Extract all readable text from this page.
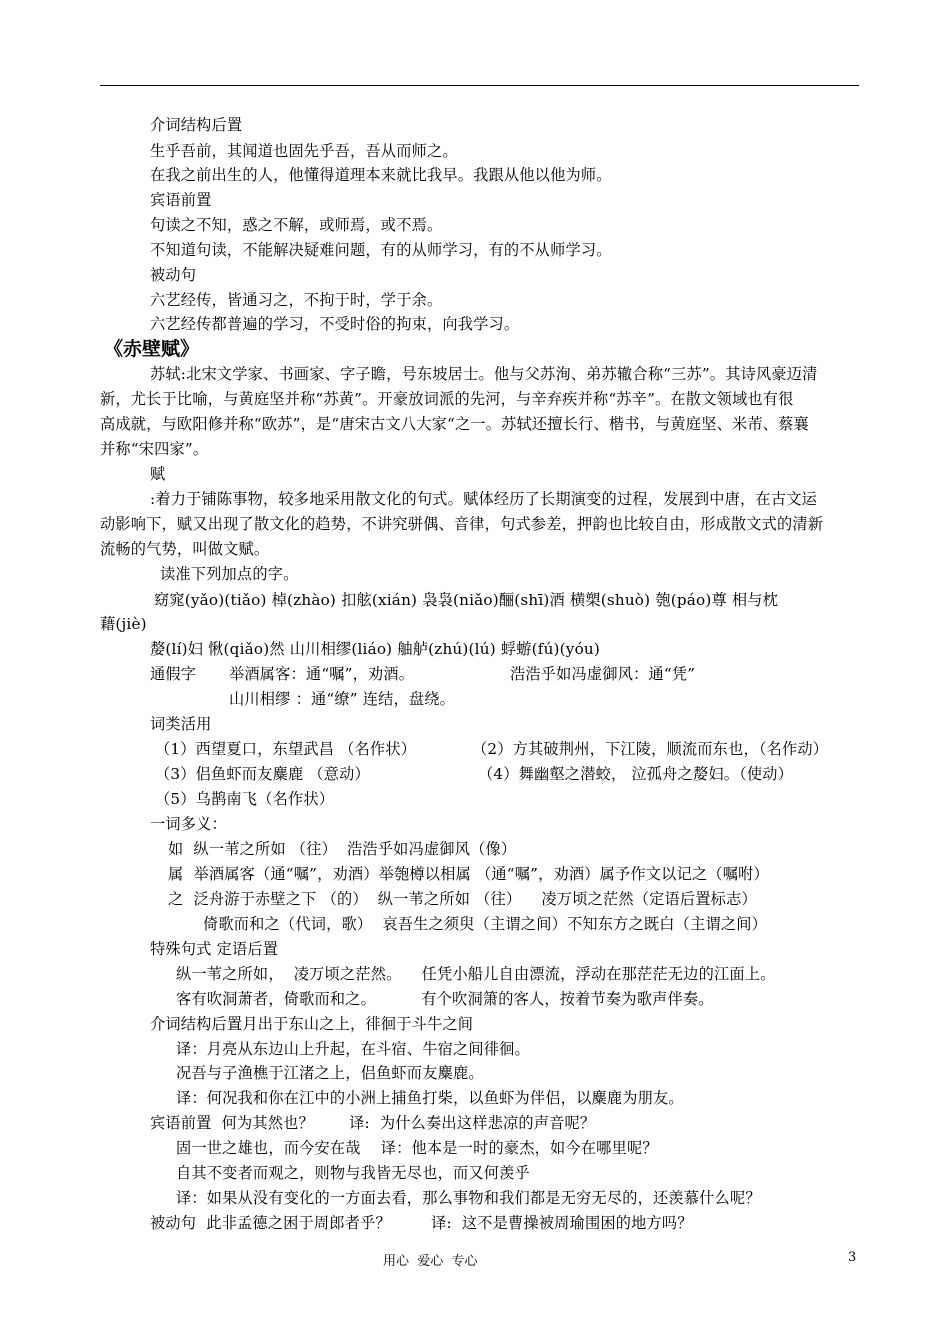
介词结构后置
生乎吾前，其闻道也固先乎吾，吾从而师之。
在我之前出生的人，他懂得道理本来就比我早。我跟从他以他为师。
宾语前置
句读之不知，惑之不解，或师焉，或不焉。
不知道句读，不能解决疑难问题，有的从师学习，有的不从师学习。
被动句
六艺经传，皆通习之，不拘于时，学于余。
六艺经传都普遍的学习，不受时俗的拘束，向我学习。
《赤壁赋》
苏轼:北宋文学家、书画家、字子瞻，号东坡居士。他与父苏洵、弟苏辙合称“三苏”。其诗风豪迈清
新，尤长于比喻，与黄庭坚并称“苏黄”。开豪放词派的先河，与辛弃疾并称“苏辛”。在散文领域也有很
高成就，与欧阳修并称“欧苏”，是“唐宋古文八大家“之一。苏轼还擅长行、楷书，与黄庭坚、米芾、蔡襄
并称“宋四家”。
赋
:着力于铺陈事物，较多地采用散文化的句式。赋体经历了长期演变的过程，发展到中唐，在古文运
动影响下，赋又出现了散文化的趋势，不讲究骈偶、音律，句式参差，押韵也比较自由，形成散文式的清新
流畅的气势，叫做文赋。
读准下列加点的字。
窈窕(yǎo)(tiǎo) 棹(zhào) 扣舷(xián) 袅袅(niǎo)酾(shī)酒 横槊(shuò) 匏(páo)尊 相与枕
藉(jiè)
嫠(lí)妇 愀(qiǎo)然 山川相缪(liáo) 舳舻(zhú)(lú) 蜉蝣(fú)(yóu)
通假字 举酒属客：通“嘱”，劝酒。	浩浩乎如冯虚御风：通“凭”
山川相缪 ：通“缭” 连结，盘绕。
词类活用
（1）西望夏口，东望武昌 （名作状）	（2）方其破荆州，下江陵，顺流而东也，（名作动）
（3）侣鱼虾而友麋鹿 （意动）	（4）舞幽壑之潜蛟， 泣孤舟之嫠妇。（使动）
（5）乌鹊南飞（名作状）
一词多义：
如  纵一苇之所如 （往）  浩浩乎如冯虚御风（像）
属  举酒属客（通“嘱”，劝酒）举匏樽以相属 （通“嘱”，劝酒）属予作文以记之（嘱咐）
之  泛舟游于赤壁之下 （的）  纵一苇之所如 （往）    凌万顷之茫然（定语后置标志）
倚歌而和之（代词，歌）  哀吾生之须臾（主谓之间）不知东方之既白（主谓之间）
特殊句式 定语后置
纵一苇之所如，  凌万顷之茫然。    任凭小船儿自由漂流，浮动在那茫茫无边的江面上。
客有吹洞萧者，倚歌而和之。         有个吹洞箫的客人，按着节奏为歌声伴奏。
介词结构后置月出于东山之上，徘徊于斗牛之间
译：月亮从东边山上升起，在斗宿、牛宿之间徘徊。
况吾与子渔樵于江渚之上，侣鱼虾而友麋鹿。
译：何况我和你在江中的小洲上捕鱼打柴，以鱼虾为伴侣，以麋鹿为朋友。
宾语前置  何为其然也？       译:  为什么奏出这样悲凉的声音呢？
固一世之雄也，而今安在哉    译：他本是一时的豪杰，如今在哪里呢？
自其不变者而观之，则物与我皆无尽也，而又何羡乎
译：如果从没有变化的一方面去看，那么事物和我们都是无穷无尽的，还羡慕什么呢？
被动句  此非孟德之困于周郎者乎？        译:  这不是曹操被周瑜围困的地方吗？
用心  爱心  专心	3
